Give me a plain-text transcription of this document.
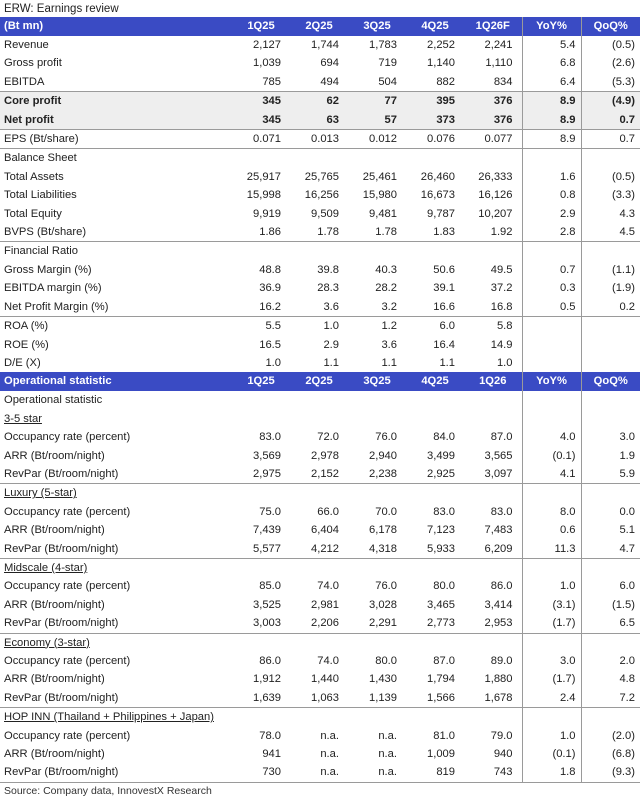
ERW: Earnings review
(Bt mn)	1Q25	2Q25	3Q25	4Q25	1Q26F	YoY%	QoQ%
Revenue	2,127	1,744	1,783	2,252	2,241	5.4	(0.5)
Gross profit	1,039	694	719	1,140	1,110	6.8	(2.6)
EBITDA	785	494	504	882	834	6.4	(5.3)
Core profit	345	62	77	395	376	8.9	(4.9)
Net profit	345	63	57	373	376	8.9	0.7
EPS (Bt/share)	0.071	0.013	0.012	0.076	0.077	8.9	0.7
Balance Sheet							
Total Assets	25,917	25,765	25,461	26,460	26,333	1.6	(0.5)
Total Liabilities	15,998	16,256	15,980	16,673	16,126	0.8	(3.3)
Total Equity	9,919	9,509	9,481	9,787	10,207	2.9	4.3
BVPS (Bt/share)	1.86	1.78	1.78	1.83	1.92	2.8	4.5
Financial Ratio							
Gross Margin (%)	48.8	39.8	40.3	50.6	49.5	0.7	(1.1)
EBITDA margin (%)	36.9	28.3	28.2	39.1	37.2	0.3	(1.9)
Net Profit Margin (%)	16.2	3.6	3.2	16.6	16.8	0.5	0.2
ROA (%)	5.5	1.0	1.2	6.0	5.8		
ROE (%)	16.5	2.9	3.6	16.4	14.9		
D/E (X)	1.0	1.1	1.1	1.1	1.0		
Operational statistic	1Q25	2Q25	3Q25	4Q25	1Q26	YoY%	QoQ%
Operational statistic							
3-5 star							
Occupancy rate (percent)	83.0	72.0	76.0	84.0	87.0	4.0	3.0
ARR (Bt/room/night)	3,569	2,978	2,940	3,499	3,565	(0.1)	1.9
RevPar (Bt/room/night)	2,975	2,152	2,238	2,925	3,097	4.1	5.9
Luxury (5-star)							
Occupancy rate (percent)	75.0	66.0	70.0	83.0	83.0	8.0	0.0
ARR (Bt/room/night)	7,439	6,404	6,178	7,123	7,483	0.6	5.1
RevPar (Bt/room/night)	5,577	4,212	4,318	5,933	6,209	11.3	4.7
Midscale (4-star)							
Occupancy rate (percent)	85.0	74.0	76.0	80.0	86.0	1.0	6.0
ARR (Bt/room/night)	3,525	2,981	3,028	3,465	3,414	(3.1)	(1.5)
RevPar (Bt/room/night)	3,003	2,206	2,291	2,773	2,953	(1.7)	6.5
Economy (3-star)							
Occupancy rate (percent)	86.0	74.0	80.0	87.0	89.0	3.0	2.0
ARR (Bt/room/night)	1,912	1,440	1,430	1,794	1,880	(1.7)	4.8
RevPar (Bt/room/night)	1,639	1,063	1,139	1,566	1,678	2.4	7.2
HOP INN (Thailand + Philippines + Japan)							
Occupancy rate (percent)	78.0	n.a.	n.a.	81.0	79.0	1.0	(2.0)
ARR (Bt/room/night)	941	n.a.	n.a.	1,009	940	(0.1)	(6.8)
RevPar (Bt/room/night)	730	n.a.	n.a.	819	743	1.8	(9.3)
Source: Company data, InnovestX Research
